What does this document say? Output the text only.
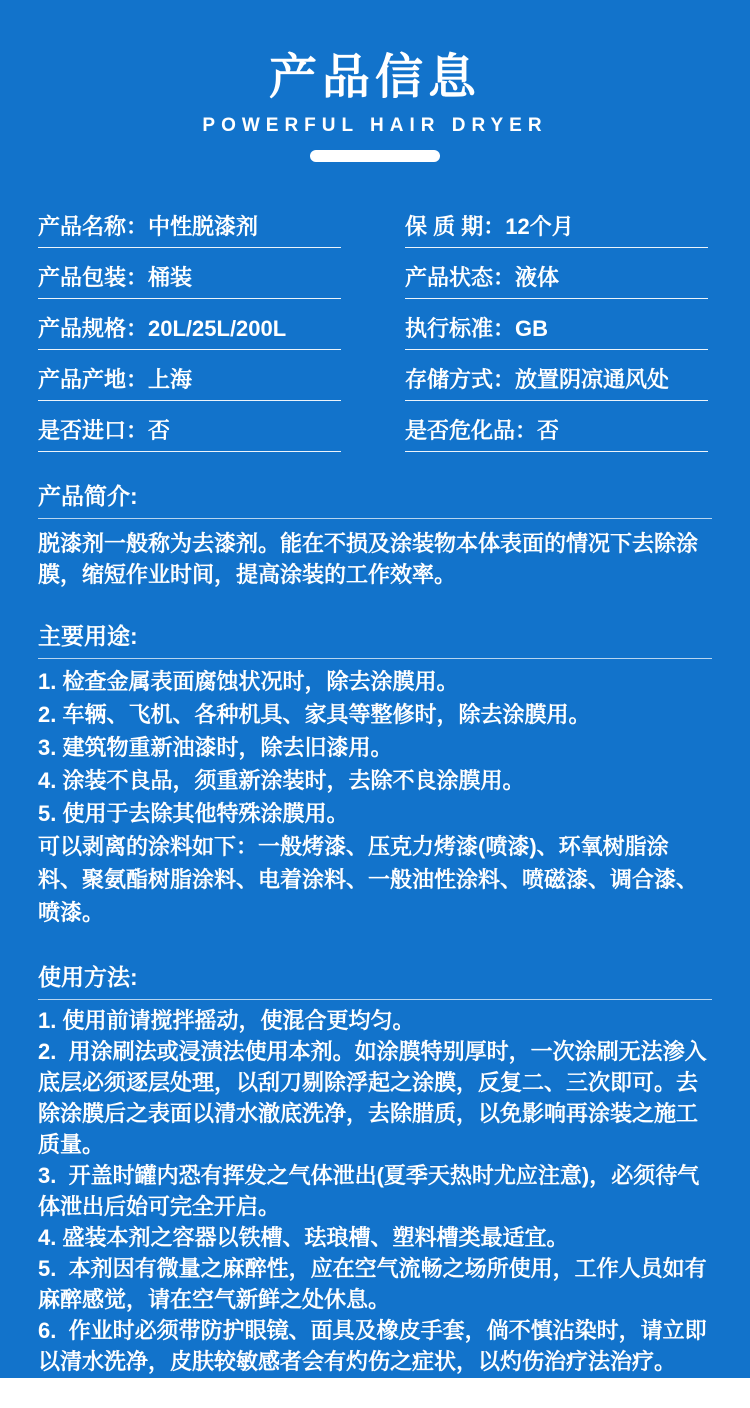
产品信息
POWERFUL HAIR DRYER
产品名称：中性脱漆剂	保 质 期：12个月
产品包装：桶装	产品状态：液体
产品规格：20L/25L/200L	执行标准：GB
产品产地：上海	存储方式：放置阴凉通风处
是否进口：否	是否危化品：否
产品简介:
脱漆剂一般称为去漆剂。能在不损及涂装物本体表面的情况下去除涂膜，缩短作业时间，提高涂装的工作效率。
主要用途:
1. 检查金属表面腐蚀状况时，除去涂膜用。
2. 车辆、飞机、各种机具、家具等整修时，除去涂膜用。
3. 建筑物重新油漆时，除去旧漆用。
4. 涂装不良品，须重新涂装时，去除不良涂膜用。
5. 使用于去除其他特殊涂膜用。
可以剥离的涂料如下：一般烤漆、压克力烤漆(喷漆)、环氧树脂涂料、聚氨酯树脂涂料、电着涂料、一般油性涂料、喷磁漆、调合漆、喷漆。
使用方法:
1. 使用前请搅拌摇动，使混合更均匀。
2.  用涂刷法或浸渍法使用本剂。如涂膜特别厚时，一次涂刷无法渗入底层必须逐层处理，以刮刀剔除浮起之涂膜，反复二、三次即可。去除涂膜后之表面以清水澈底洗净，去除腊质，以免影响再涂装之施工质量。
3.  开盖时罐内恐有挥发之气体泄出(夏季天热时尤应注意)，必须待气体泄出后始可完全开启。
4. 盛装本剂之容器以铁槽、珐琅槽、塑料槽类最适宜。
5.  本剂因有微量之麻醉性，应在空气流畅之场所使用，工作人员如有麻醉感觉，请在空气新鲜之处休息。
6.  作业时必须带防护眼镜、面具及橡皮手套，倘不慎沾染时，请立即以清水洗净，皮肤较敏感者会有灼伤之症状，以灼伤治疗法治疗。
7. 使用后，请将本剂盖好盖子储放于阴暗处尽量避免日光照射
